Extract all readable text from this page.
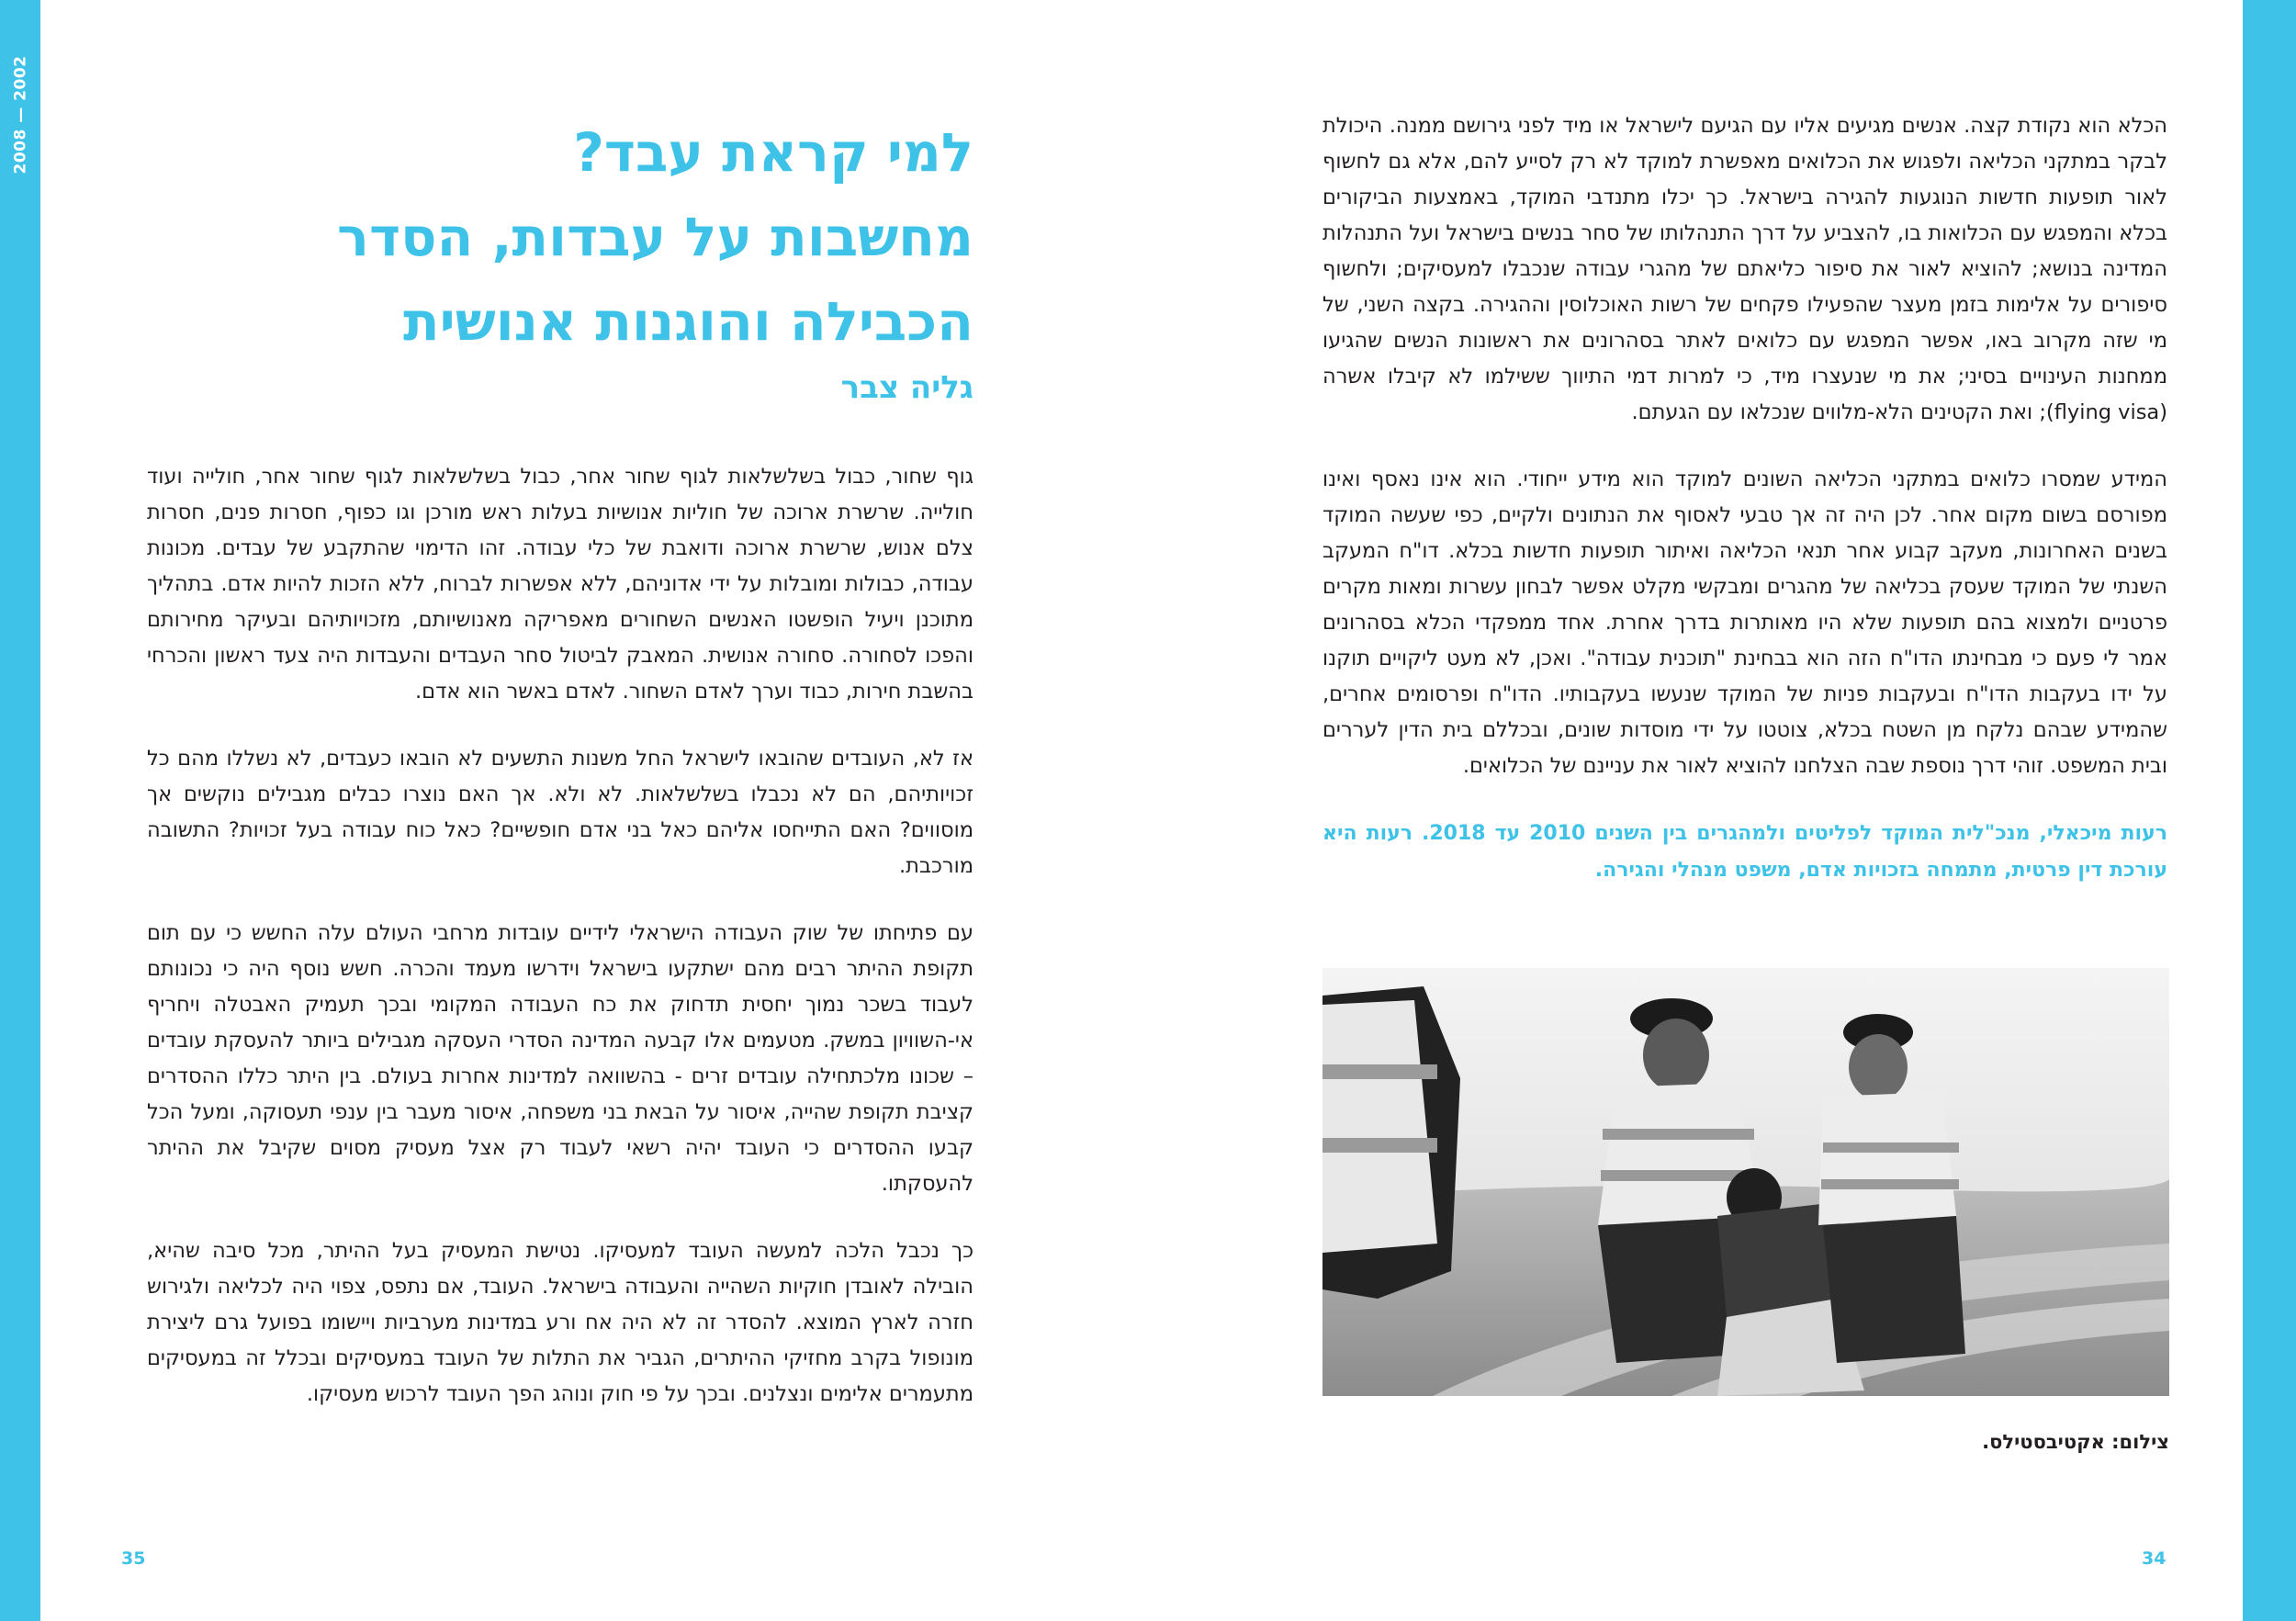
2008 — 2002	למי קראת עבד?
מחשבות על עבדות, הסדר
הכבילה והוגנות אנושית
גליה צבר

גוף שחור, כבול בשלשלאות לגוף שחור אחר, כבול בשלשלאות לגוף שחור אחר, חולייה ועוד חולייה. שרשרת ארוכה של חוליות אנושיות בעלות ראש מורכן וגו כפוף, חסרות פנים, חסרות צלם אנוש, שרשרת ארוכה ודואבת של כלי עבודה. זהו הדימוי שהתקבע של עבדים. מכונות עבודה, כבולות ומובלות על ידי אדוניהם, ללא אפשרות לברוח, ללא הזכות להיות אדם. בתהליך מתוכנן ויעיל הופשטו האנשים השחורים מאפריקה מאנושיותם, מזכויותיהם ובעיקר מחירותם והפכו לסחורה. סחורה אנושית. המאבק לביטול סחר העבדים והעבדות היה צעד ראשון והכרחי בהשבת חירות, כבוד וערך לאדם השחור. לאדם באשר הוא אדם.

אז לא, העובדים שהובאו לישראל החל משנות התשעים לא הובאו כעבדים, לא נשללו מהם כל זכויותיהם, הם לא נכבלו בשלשלאות. לא ולא. אך האם נוצרו כבלים מגבילים נוקשים אך מוסווים? האם התייחסו אליהם כאל בני אדם חופשיים? כאל כוח עבודה בעל זכויות? התשובה מורכבת.

עם פתיחתו של שוק העבודה הישראלי לידיים עובדות מרחבי העולם עלה החשש כי עם תום תקופת ההיתר רבים מהם ישתקעו בישראל וידרשו מעמד והכרה. חשש נוסף היה כי נכונותם לעבוד בשכר נמוך יחסית תדחוק את כח העבודה המקומי ובכך תעמיק האבטלה ויחריף אי-השוויון במשק. מטעמים אלו קבעה המדינה הסדרי העסקה מגבילים ביותר להעסקת עובדים – שכונו מלכתחילה עובדים זרים - בהשוואה למדינות אחרות בעולם. בין היתר כללו ההסדרים קציבת תקופת שהייה, איסור על הבאת בני משפחה, איסור מעבר בין ענפי תעסוקה, ומעל הכל קבעו ההסדרים כי העובד יהיה רשאי לעבוד רק אצל מעסיק מסוים שקיבל את ההיתר להעסקתו.

כך נכבל הלכה למעשה העובד למעסיקו. נטישת המעסיק בעל ההיתר, מכל סיבה שהיא, הובילה לאובדן חוקיות השהייה והעבודה בישראל. העובד, אם נתפס, צפוי היה לכליאה ולגירוש חזרה לארץ המוצא. להסדר זה לא היה אח ורע במדינות מערביות ויישומו בפועל גרם ליצירת מונופול בקרב מחזיקי ההיתרים, הגביר את התלות של העובד במעסיקים ובכלל זה במעסיקים מתעמרים אלימים ונצלנים. ובכך על פי חוק ונוהג הפך העובד לרכוש מעסיקו.

הכלא הוא נקודת קצה. אנשים מגיעים אליו עם הגיעם לישראל או מיד לפני גירושם ממנה. היכולת לבקר במתקני הכליאה ולפגוש את הכלואים מאפשרת למוקד לא רק לסייע להם, אלא גם לחשוף לאור תופעות חדשות הנוגעות להגירה בישראל. כך יכלו מתנדבי המוקד, באמצעות הביקורים בכלא והמפגש עם הכלואות בו, להצביע על דרך התנהלותו של סחר בנשים בישראל ועל התנהלות המדינה בנושא; להוציא לאור את סיפור כליאתם של מהגרי עבודה שנכבלו למעסיקים; ולחשוף סיפורים על אלימות בזמן מעצר שהפעילו פקחים של רשות האוכלוסין וההגירה. בקצה השני, של מי שזה מקרוב באו, אפשר המפגש עם כלואים לאתר בסהרונים את ראשונות הנשים שהגיעו ממחנות העינויים בסיני; את מי שנעצרו מיד, כי למרות דמי התיווך ששילמו לא קיבלו אשרה (flying visa); ואת הקטינים הלא-מלווים שנכלאו עם הגעתם.

המידע שמסרו כלואים במתקני הכליאה השונים למוקד הוא מידע ייחודי. הוא אינו נאסף ואינו מפורסם בשום מקום אחר. לכן היה זה אך טבעי לאסוף את הנתונים ולקיים, כפי שעשה המוקד בשנים האחרונות, מעקב קבוע אחר תנאי הכליאה ואיתור תופעות חדשות בכלא. דו"ח המעקב השנתי של המוקד שעסק בכליאה של מהגרים ומבקשי מקלט אפשר לבחון עשרות ומאות מקרים פרטניים ולמצוא בהם תופעות שלא היו מאותרות בדרך אחרת. אחד ממפקדי הכלא בסהרונים אמר לי פעם כי מבחינתו הדו"ח הזה הוא בבחינת "תוכנית עבודה". ואכן, לא מעט ליקויים תוקנו על ידו בעקבות הדו"ח ובעקבות פניות של המוקד שנעשו בעקבותיו. הדו"ח ופרסומים אחרים, שהמידע שבהם נלקח מן השטח בכלא, צוטטו על ידי מוסדות שונים, ובכללם בית הדין לעררים ובית המשפט. זוהי דרך נוספת שבה הצלחנו להוציא לאור את עניינם של הכלואים.

רעות מיכאלי, מנכ"לית המוקד לפליטים ולמהגרים בין השנים 2010 עד 2018. רעות היא עורכת דין פרטית, מתמחה בזכויות אדם, משפט מנהלי והגירה.

צילום: אקטיבסטילס.
35	34
